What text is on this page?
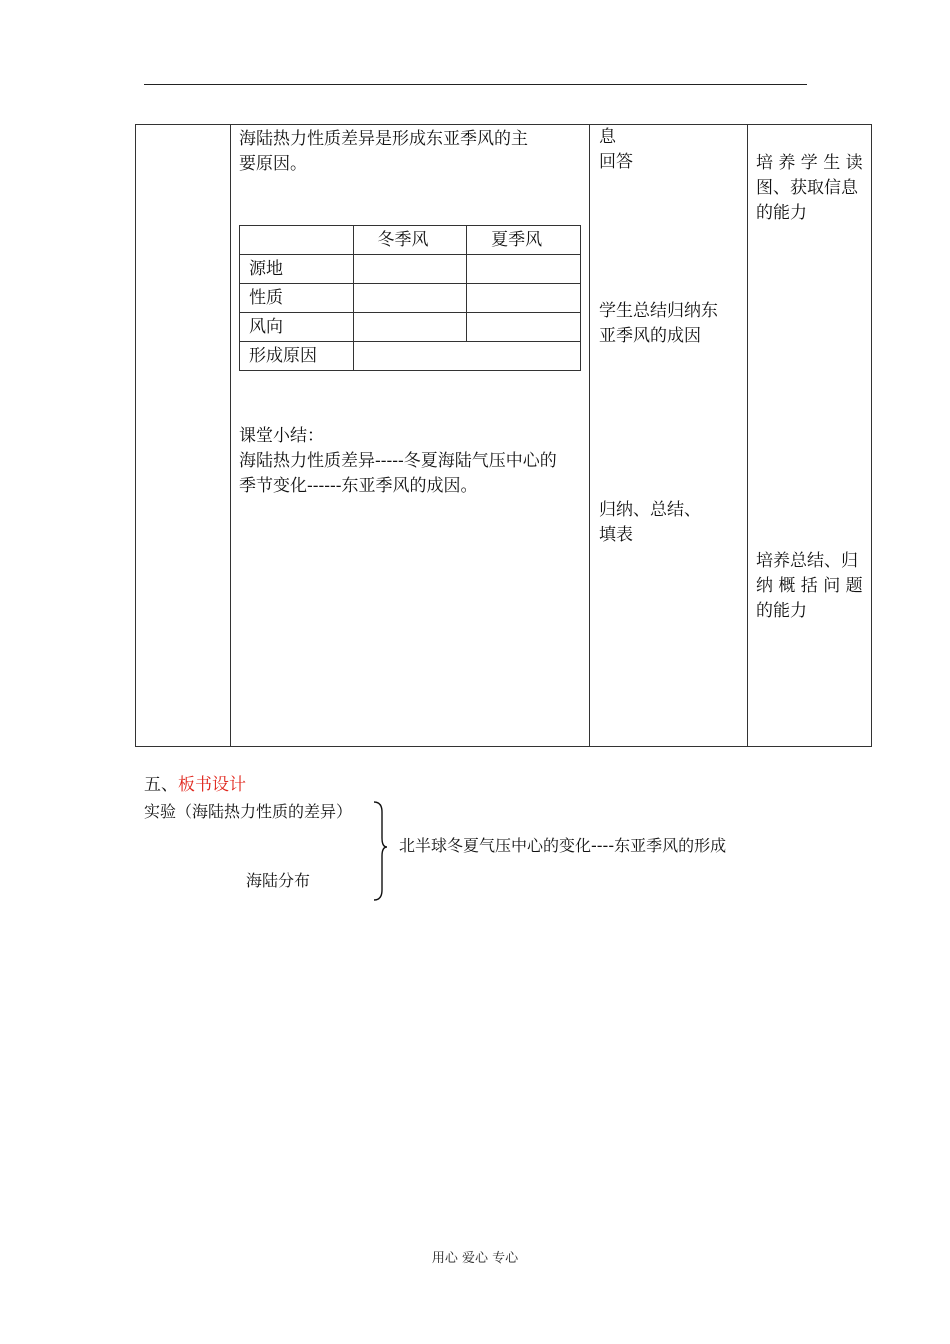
海陆热力性质差异是形成东亚季风的主
要原因。
	冬季风	夏季风
源地		
性质		
风向		
形成原因		
课堂小结：
海陆热力性质差异-----冬夏海陆气压中心的
季节变化------东亚季风的成因。
息
回答
学生总结归纳东
亚季风的成因
归纳、总结、
填表
培 养 学 生 读
图、获取信息
的能力
培养总结、归
纳 概 括 问 题
的能力
五、板书设计
实验（海陆热力性质的差异）
海陆分布
北半球冬夏气压中心的变化----东亚季风的形成
用心 爱心 专心
